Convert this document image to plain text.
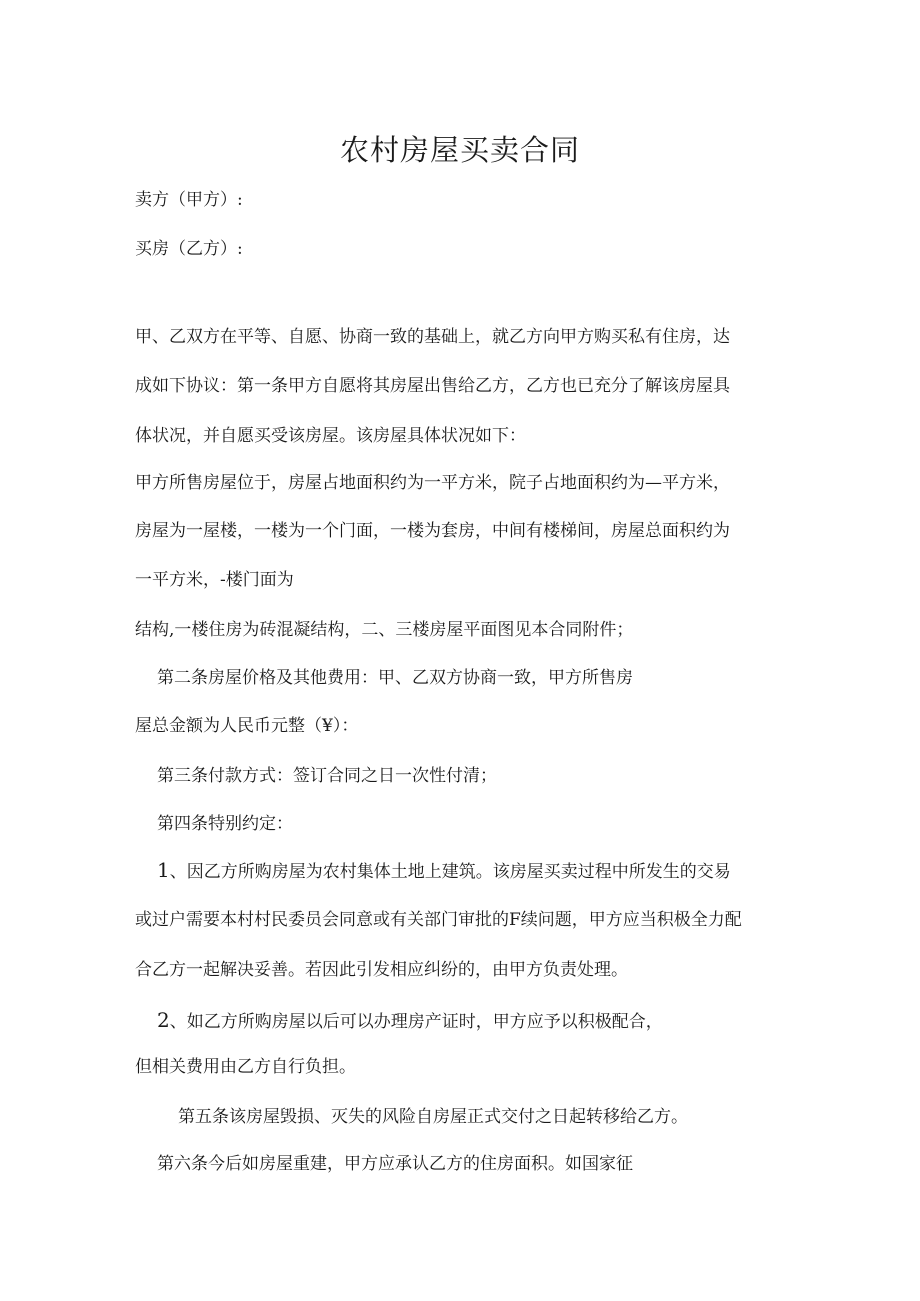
农村房屋买卖合同
卖方（甲方）:
买房（乙方）:
甲、乙双方在平等、自愿、协商一致的基础上，就乙方向甲方购买私有住房，达
成如下协议：第一条甲方自愿将其房屋出售给乙方，乙方也已充分了解该房屋具
体状况，并自愿买受该房屋。该房屋具体状况如下：
甲方所售房屋位于，房屋占地面积约为一平方米，院子占地面积约为—平方米，
房屋为一屋楼，一楼为一个门面，一楼为套房，中间有楼梯间，房屋总面积约为
一平方米，-楼门面为
结构,一楼住房为砖混凝结构，二、三楼房屋平面图见本合同附件；
第二条房屋价格及其他费用：甲、乙双方协商一致，甲方所售房
屋总金额为人民币元整（¥）：
第三条付款方式：签订合同之日一次性付清；
第四条特别约定：
1、因乙方所购房屋为农村集体土地上建筑。该房屋买卖过程中所发生的交易
或过户需要本村村民委员会同意或有关部门审批的F续问题，甲方应当积极全力配
合乙方一起解决妥善。若因此引发相应纠纷的，由甲方负责处理。
2、如乙方所购房屋以后可以办理房产证时，甲方应予以积极配合，
但相关费用由乙方自行负担。
第五条该房屋毁损、灭失的风险自房屋正式交付之日起转移给乙方。
第六条今后如房屋重建，甲方应承认乙方的住房面积。如国家征
